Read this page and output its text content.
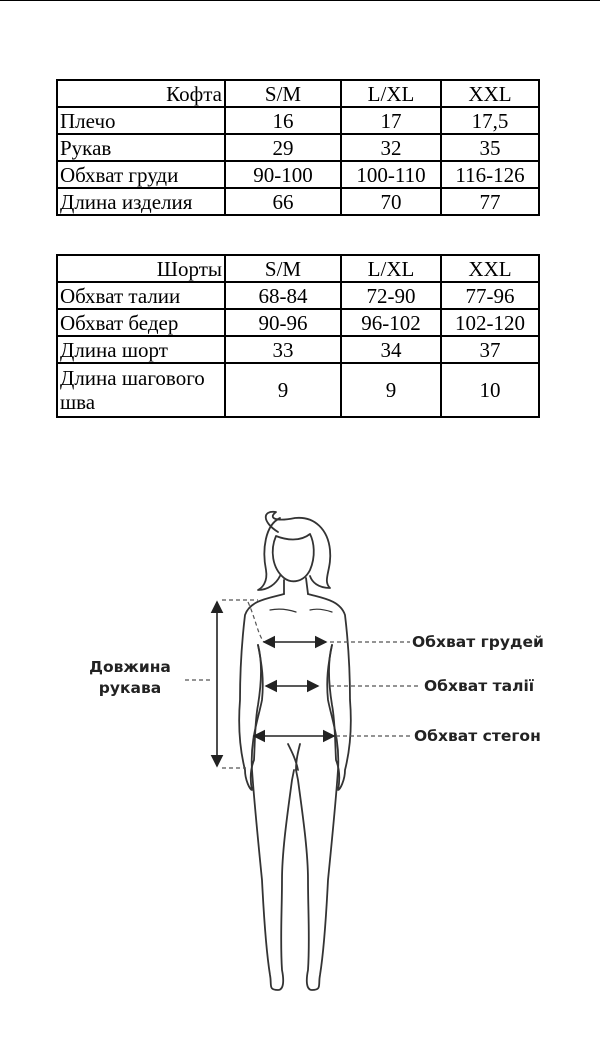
Кофта	S/M	L/XL	XXL
Плечо	16	17	17,5
Рукав	29	32	35
Обхват груди	90-100	100-110	116-126
Длина изделия	66	70	77
Шорты	S/M	L/XL	XXL
Обхват талии	68-84	72-90	77-96
Обхват бедер	90-96	96-102	102-120
Длина шорт	33	34	37
Длина шагового шва	9	9	10
Довжина
рукава
Обхват грудей
Обхват талії
Обхват стегон
